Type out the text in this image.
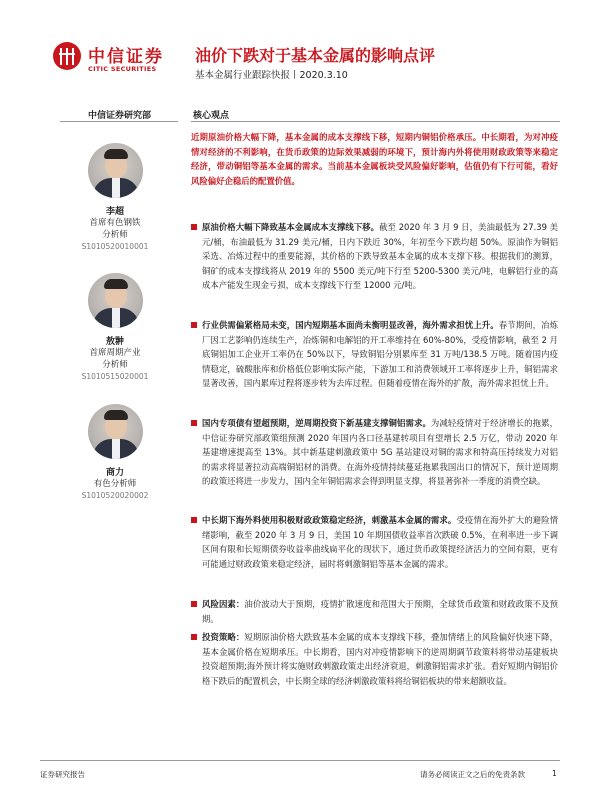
中信证券
CITIC SECURITIES
油价下跌对于基本金属的影响点评
基本金属行业跟踪快报丨2020.3.10
中信证券研究部	核心观点
近期原油价格大幅下降，基本金属的成本支撑线下移，短期内铜铝价格承压。中长期看，为对冲疫情对经济的不利影响，在货币政策的边际效果减弱的环境下，预计海内外将使用财政政策等来稳定经济，带动铜铝等基本金属的需求。当前基本金属板块受风险偏好影响，估值仍有下行可能，看好风险偏好企稳后的配置价值。
李超
首席有色钢铁
分析师
S1010520010001
敖翀
首席周期产业
分析师
S1010515020001
商力
有色分析师
S1010520020002
原油价格大幅下降致基本金属成本支撑线下移。截至 2020 年 3 月 9 日，美油最低为 27.39 美元/桶，布油最低为 31.29 美元/桶，日内下跌近 30%，年初至今下跌均超 50%。原油作为铜铝采选、冶炼过程中的重要能源，其价格的下跌导致基本金属的成本支撑下移。根据我们的测算，铜矿的成本支撑线将从 2019 年的 5500 美元/吨下行至 5200-5300 美元/吨，电解铝行业的高成本产能发生现金亏损，成本支撑线下行至 12000 元/吨。
行业供需偏紧格局未变，国内短期基本面尚未衡明显改善，海外需求担忧上升。春节期间，冶炼厂因工艺影响仍连续生产，冶炼铜和电解铝的开工率维持在 60%-80%，受疫情影响，截至 2 月底铜铝加工企业开工率仍在 50%以下，导致铜铝分别累库至 31 万吨/138.5 万吨。随着国内疫情稳定，硫酸胀库和价格低位影响实际产能，下游加工和消费领域开工率将逐步上升，铜铝需求显著改善，国内累库过程将逐步转为去库过程。但随着疫情在海外的扩散，海外需求担忧上升。
国内专项债有望超预期，逆周期投资下新基建支撑铜铝需求。为减轻疫情对于经济增长的拖累，中信证券研究部政策组预测 2020 年国内各口径基建转项目有望增长 2.5 万亿，带动 2020 年基建增速提高至 13%。其中新基建刺激政策中 5G 基站建设对铜的需求和特高压持续发力对铝的需求将显著拉动高端铜铝材的消费。在海外疫情持续蔓延拖累我国出口的情况下，预计逆周期的政策还将进一步发力，国内全年铜铝需求会得到明显支撑，将显著弥补一季度的消费空缺。
中长期下海外料使用积极财政政策稳定经济，刺激基本金属的需求。受疫情在海外扩大的避险情绪影响，截至 2020 年 3 月 9 日，美国 10 年期国债收益率首次跌破 0.5%，在利率进一步下调区间有限和长短期债券收益率曲线扁平化的现状下，通过货币政策提经济活力的空间有限，更有可能通过财政政策来稳定经济，届时将刺激铜铝等基本金属的需求。
风险因素：油价波动大于预期，疫情扩散速度和范围大于预期，全球货币政策和财政政策不及预期。
投资策略：短期原油价格大跌致基本金属的成本支撑线下移，叠加情绪上的风险偏好快速下降，基本金属价格在短期承压。中长期看，国内对冲疫情影响下的逆周期调节政策料将带动基建板块投资超预期;海外预计将实施财政刺激政策走出经济衰退，刺激铜铝需求扩张。看好短期内铜铝价格下跌后的配置机会，中长期全球的经济刺激政策料将给铜铝板块的带来超额收益。
证券研究报告	请务必阅读正文之后的免责条款	1
